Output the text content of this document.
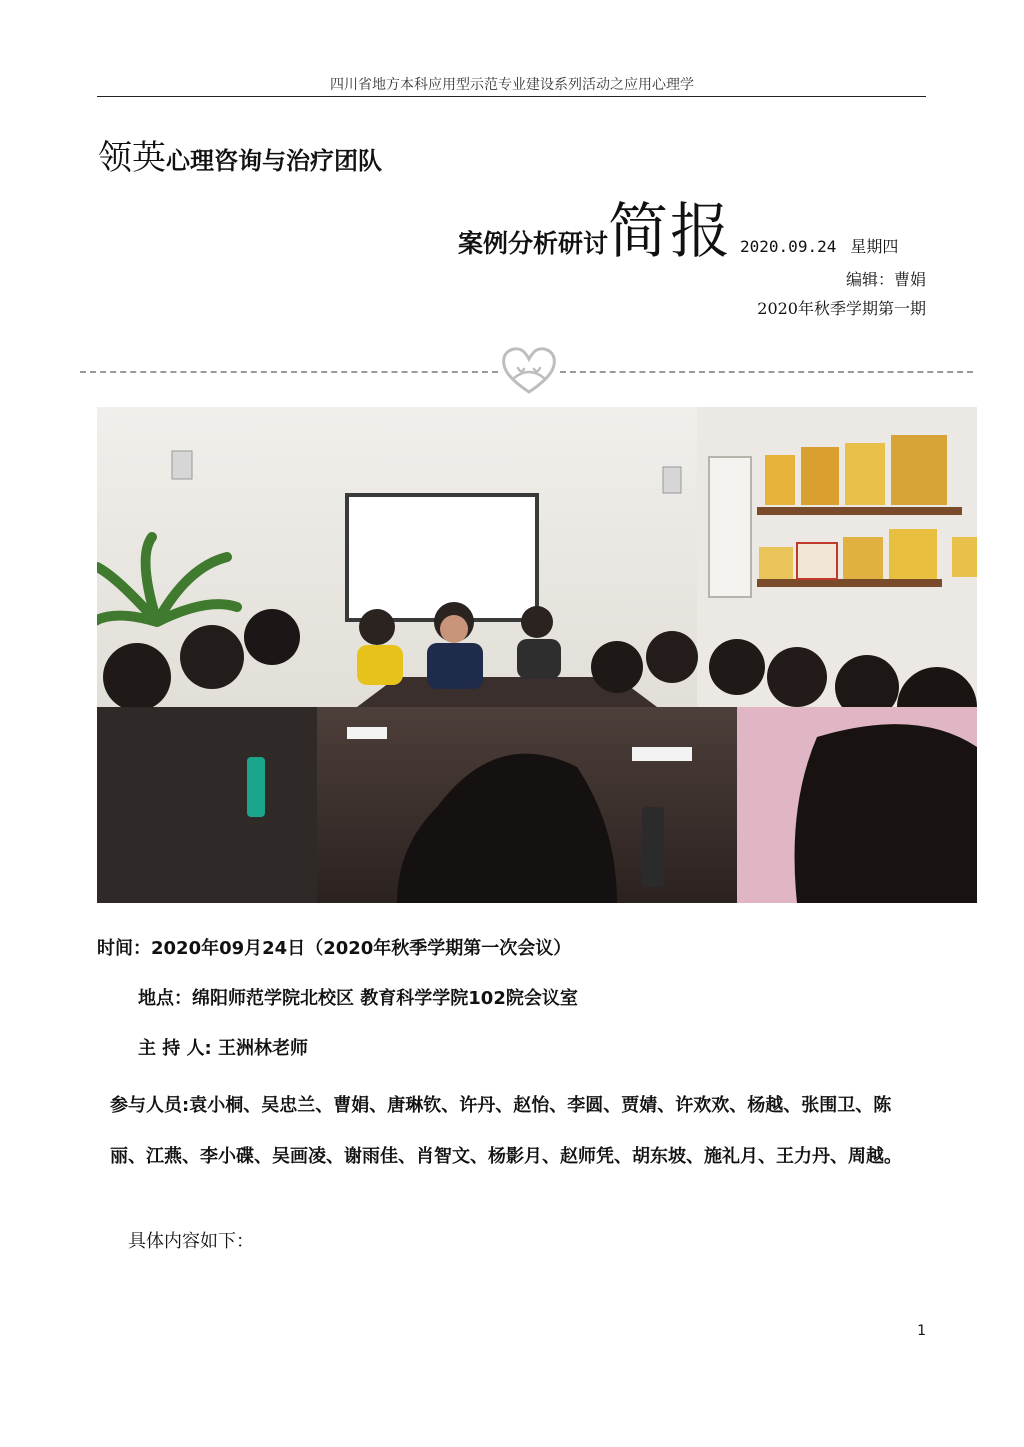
四川省地方本科应用型示范专业建设系列活动之应用心理学
领英心理咨询与治疗团队
案例分析研讨简报 2020.09.24 星期四
编辑：曹娟
2020年秋季学期第一期
时间：2020年09月24日（2020年秋季学期第一次会议）
地点：绵阳师范学院北校区 教育科学学院102院会议室
主 持 人: 王洲林老师
参与人员:袁小桐、吴忠兰、曹娟、唐琳钦、许丹、赵怡、李圆、贾婧、许欢欢、杨越、张围卫、陈丽、江燕、李小碟、吴画凌、谢雨佳、肖智文、杨影月、赵师凭、胡东坡、施礼月、王力丹、周越。
具体内容如下：
1
